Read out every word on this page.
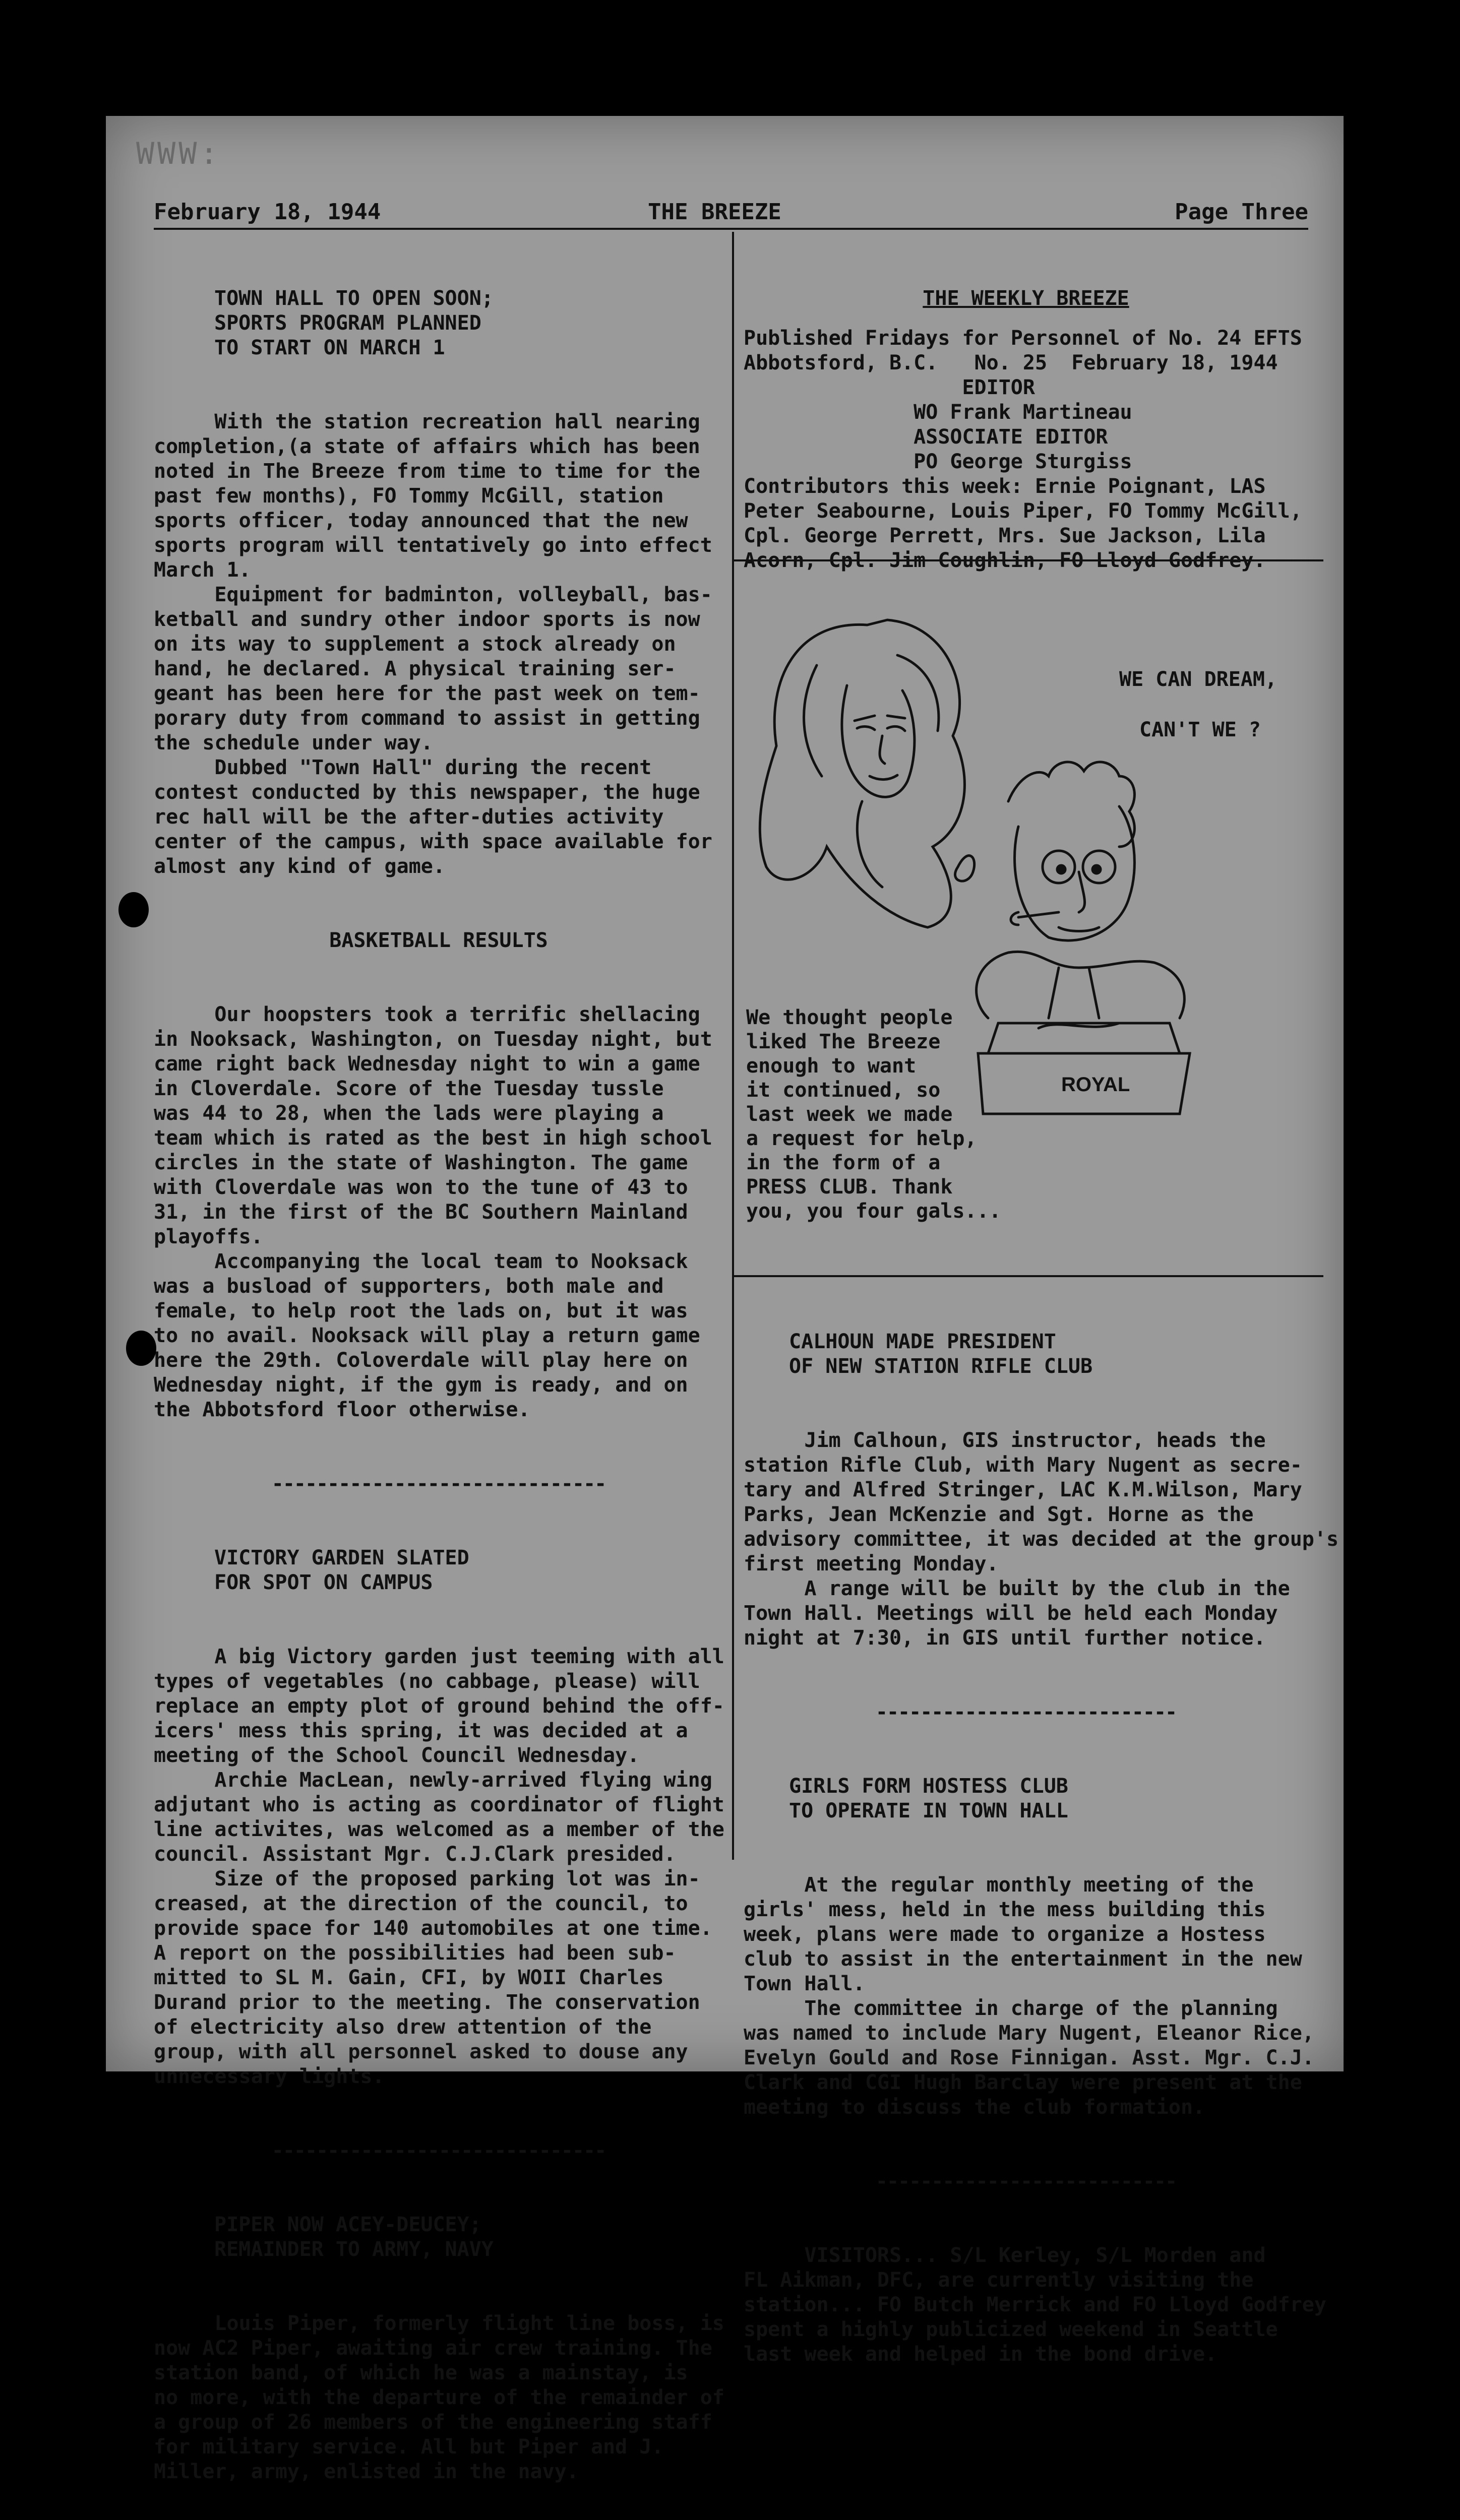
WWW:
February 18, 1944	THE BREEZE	Page Three

TOWN HALL TO OPEN SOON;
SPORTS PROGRAM PLANNED
TO START ON MARCH 1

With the station recreation hall nearing
completion,(a state of affairs which has been
noted in The Breeze from time to time for the
past few months), FO Tommy McGill, station
sports officer, today announced that the new
sports program will tentatively go into effect
March 1.
Equipment for badminton, volleyball, bas-
ketball and sundry other indoor sports is now
on its way to supplement a stock already on
hand, he declared. A physical training ser-
geant has been here for the past week on tem-
porary duty from command to assist in getting
the schedule under way.
Dubbed "Town Hall" during the recent
contest conducted by this newspaper, the huge
rec hall will be the after-duties activity
center of the campus, with space available for
almost any kind of game.

BASKETBALL RESULTS

Our hoopsters took a terrific shellacing
in Nooksack, Washington, on Tuesday night, but
came right back Wednesday night to win a game
in Cloverdale. Score of the Tuesday tussle
was 44 to 28, when the lads were playing a
team which is rated as the best in high school
circles in the state of Washington. The game
with Cloverdale was won to the tune of 43 to
31, in the first of the BC Southern Mainland
playoffs.
Accompanying the local team to Nooksack
was a busload of supporters, both male and
female, to help root the lads on, but it was
to no avail. Nooksack will play a return game
here the 29th. Coloverdale will play here on
Wednesday night, if the gym is ready, and on
the Abbotsford floor otherwise.

------------------------------

VICTORY GARDEN SLATED
FOR SPOT ON CAMPUS

A big Victory garden just teeming with all
types of vegetables (no cabbage, please) will
replace an empty plot of ground behind the off-
icers' mess this spring, it was decided at a
meeting of the School Council Wednesday.
Archie MacLean, newly-arrived flying wing
adjutant who is acting as coordinator of flight
line activites, was welcomed as a member of the
council. Assistant Mgr. C.J.Clark presided.
Size of the proposed parking lot was in-
creased, at the direction of the council, to
provide space for 140 automobiles at one time.
A report on the possibilities had been sub-
mitted to SL M. Gain, CFI, by WOII Charles
Durand prior to the meeting. The conservation
of electricity also drew attention of the
group, with all personnel asked to douse any
unnecessary lights.

------------------------------

PIPER NOW ACEY-DEUCEY;
REMAINDER TO ARMY, NAVY

Louis Piper, formerly flight line boss, is
now AC2 Piper, awaiting air crew training. The
station band, of which he was a mainstay, is
no more, with the departure of the remainder of
a group of 26 members of the engineering staff
for military service. All but Piper and J.
Miller, army, enlisted in the navy.

THE WEEKLY BREEZE
Published Fridays for Personnel of No. 24 EFTS
Abbotsford, B.C.   No. 25  February 18, 1944
EDITOR
WO Frank Martineau
ASSOCIATE EDITOR
PO George Sturgiss
Contributors this week: Ernie Poignant, LAS
Peter Seabourne, Louis Piper, FO Tommy McGill,
Cpl. George Perrett, Mrs. Sue Jackson, Lila
Acorn, Cpl. Jim Coughlin, FO Lloyd Godfrey.

WE CAN DREAM,
CAN'T WE ?
ROYAL
We thought people
liked The Breeze
enough to want
it continued, so
last week we made
a request for help,
in the form of a
PRESS CLUB. Thank
you, you four gals...

CALHOUN MADE PRESIDENT
OF NEW STATION RIFLE CLUB

Jim Calhoun, GIS instructor, heads the
station Rifle Club, with Mary Nugent as secre-
tary and Alfred Stringer, LAC K.M.Wilson, Mary
Parks, Jean McKenzie and Sgt. Horne as the
advisory committee, it was decided at the group's
first meeting Monday.
A range will be built by the club in the
Town Hall. Meetings will be held each Monday
night at 7:30, in GIS until further notice.

---------------------------

GIRLS FORM HOSTESS CLUB
TO OPERATE IN TOWN HALL

At the regular monthly meeting of the
girls' mess, held in the mess building this
week, plans were made to organize a Hostess
club to assist in the entertainment in the new
Town Hall.
The committee in charge of the planning
was named to include Mary Nugent, Eleanor Rice,
Evelyn Gould and Rose Finnigan. Asst. Mgr. C.J.
Clark and CGI Hugh Barclay were present at the
meeting to discuss the club formation.

---------------------------

VISITORS... S/L Kerley, S/L Morden and
FL Aikman, DFC, are currently visiting the
station... FO Butch Merrick and FO Lloyd Godfrey
spent a highly publicized weekend in Seattle
last week and helped in the bond drive.
